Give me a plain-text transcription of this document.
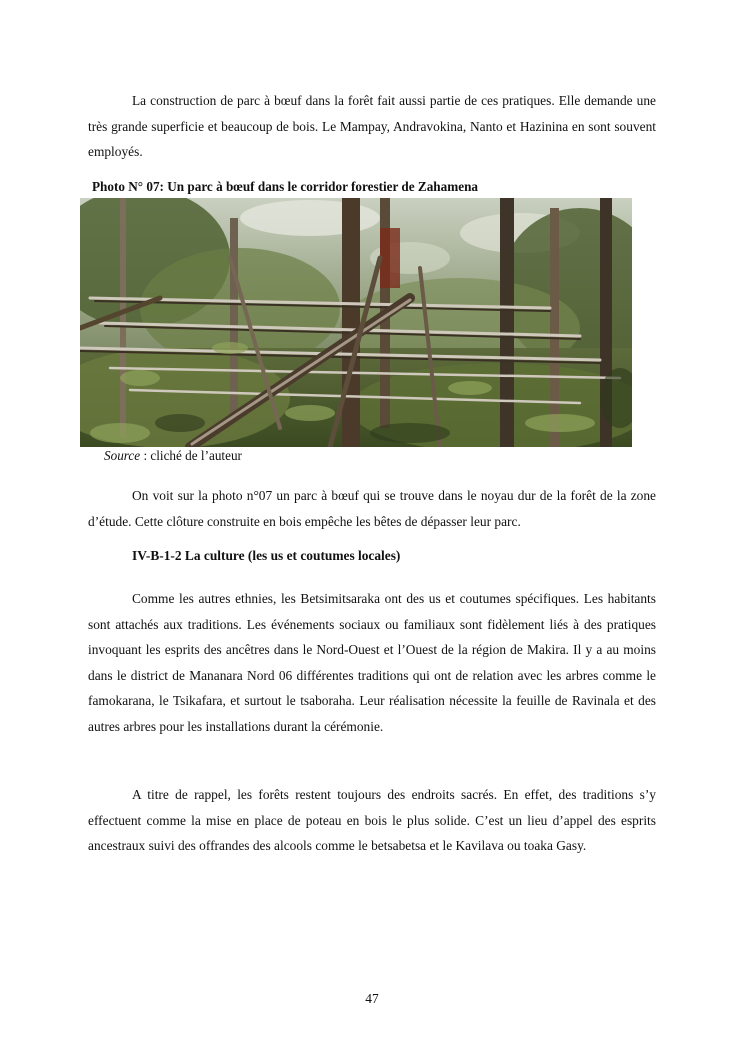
La construction de parc à bœuf dans la forêt fait aussi partie de ces pratiques. Elle demande une très grande superficie et beaucoup de bois. Le Mampay, Andravokina, Nanto et Hazinina en sont souvent employés.

Photo N° 07: Un parc à bœuf dans le corridor forestier de Zahamena

Source : cliché de l’auteur

On voit sur la photo n°07 un parc à bœuf qui se trouve dans le noyau dur de la forêt de la zone d’étude. Cette clôture construite en bois empêche les bêtes de dépasser leur parc.

IV-B-1-2 La culture (les us et coutumes locales)

Comme les autres ethnies, les Betsimitsaraka ont des us et coutumes spécifiques. Les habitants sont attachés aux traditions. Les événements sociaux ou familiaux sont fidèlement liés à des pratiques invoquant les esprits des ancêtres dans le Nord-Ouest et l’Ouest de la région de Makira. Il y a au moins dans le district de Mananara Nord 06 différentes traditions qui ont de relation avec les arbres comme le famokarana, le Tsikafara, et surtout le tsaboraha. Leur réalisation nécessite la feuille de Ravinala et des autres arbres pour les installations durant la cérémonie.

A titre de rappel, les forêts restent toujours des endroits sacrés. En effet, des traditions s’y effectuent comme la mise en place de poteau en bois le plus solide. C’est un lieu d’appel des esprits ancestraux suivi des offrandes des alcools comme le betsabetsa et le Kavilava ou toaka Gasy.

47
